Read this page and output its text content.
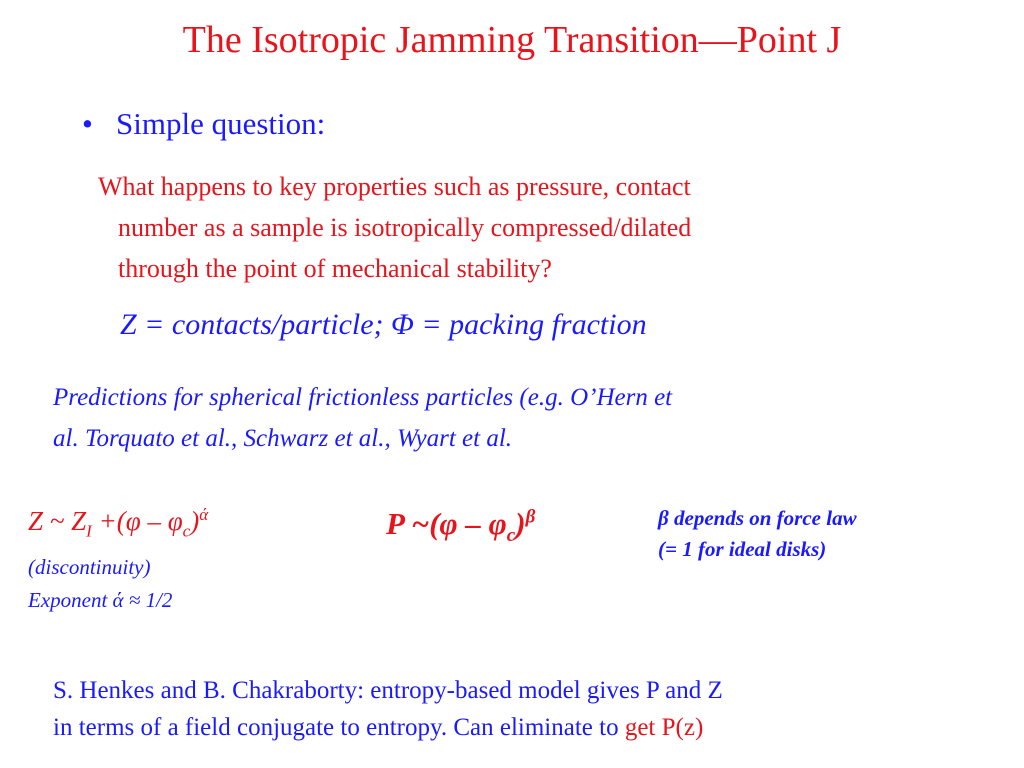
The Isotropic Jamming Transition—Point J
• Simple question:
What happens to key properties such as pressure, contact
number as a sample is isotropically compressed/dilated
through the point of mechanical stability?
Z = contacts/particle; Φ = packing fraction
Predictions for spherical frictionless particles (e.g. O’Hern et
al. Torquato et al., Schwarz et al., Wyart et al.
Z ~ $Z_I +(\varphi - \varphi_c)^ά$
(discontinuity)
Exponent ά ≈ 1/2
P ~(φ – $\varphi_c)^\beta$	β depends on force law
(= 1 for ideal disks)
S. Henkes and B. Chakraborty: entropy-based model gives P and Z
in terms of a field conjugate to entropy. Can eliminate to get P(z)
